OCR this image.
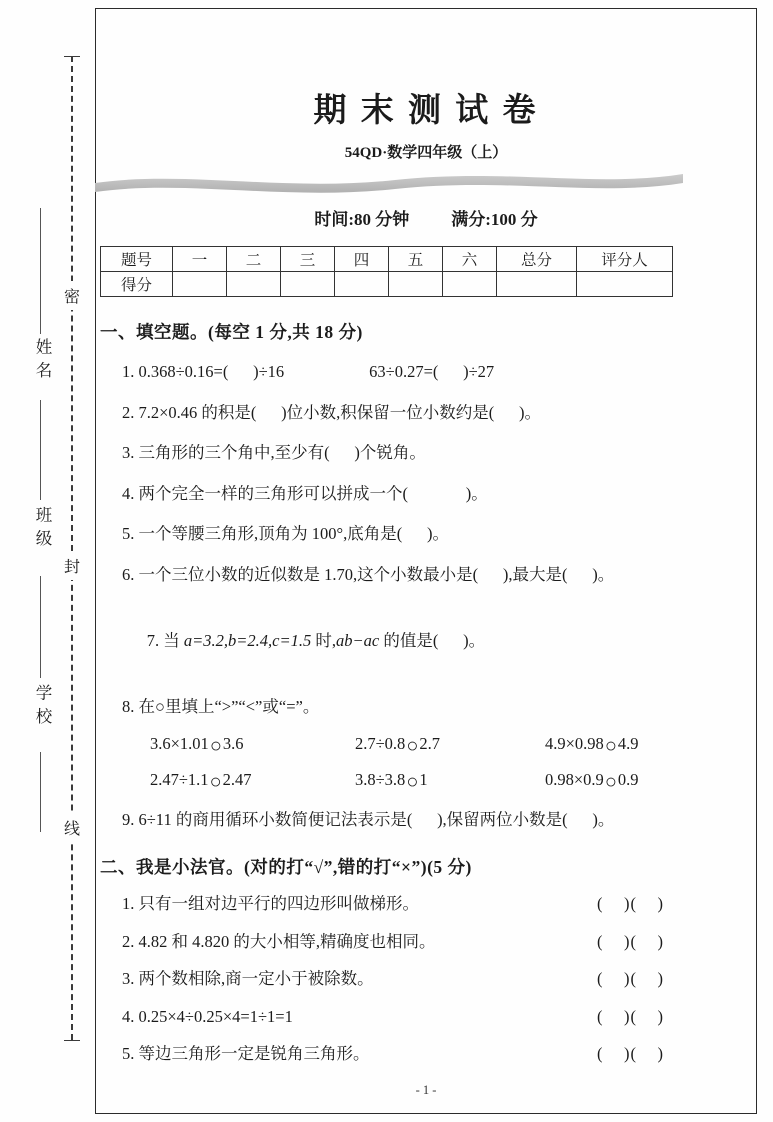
密
封
线
姓名
班级
学校
期 末 测 试 卷
54QD·数学四年级（上）
时间:80 分钟 满分:100 分
题号	一	二	三	四	五	六	总分	评分人
得分								
一、填空题。(每空 1 分,共 18 分)
1. 0.368÷0.16=(      )÷16	63÷0.27=(      )÷27
2. 7.2×0.46 的积是(      )位小数,积保留一位小数约是(      )。
3. 三角形的三个角中,至少有(      )个锐角。
4. 两个完全一样的三角形可以拼成一个(              )。
5. 一个等腰三角形,顶角为 100°,底角是(      )。
6. 一个三位小数的近似数是 1.70,这个小数最小是(      ),最大是(      )。

7. 当 a=3.2,b=2.4,c=1.5 时,ab−ac 的值是(      )。

8. 在○里填上“>”“<”或“=”。
3.6×1.01○3.6	2.7÷0.8○2.7	4.9×0.98○4.9
2.47÷1.1○2.47	3.8÷3.8○1	0.98×0.9○0.9
9. 6÷11 的商用循环小数简便记法表示是(      ),保留两位小数是(      )。
二、我是小法官。(对的打“√”,错的打“×”)(5 分)
1. 只有一组对边平行的四边形叫做梯形。	(    )(    )
2. 4.82 和 4.820 的大小相等,精确度也相同。	(    )(    )
3. 两个数相除,商一定小于被除数。	(    )(    )
4. 0.25×4÷0.25×4=1÷1=1	(    )(    )
5. 等边三角形一定是锐角三角形。	(    )(    )
- 1 -
